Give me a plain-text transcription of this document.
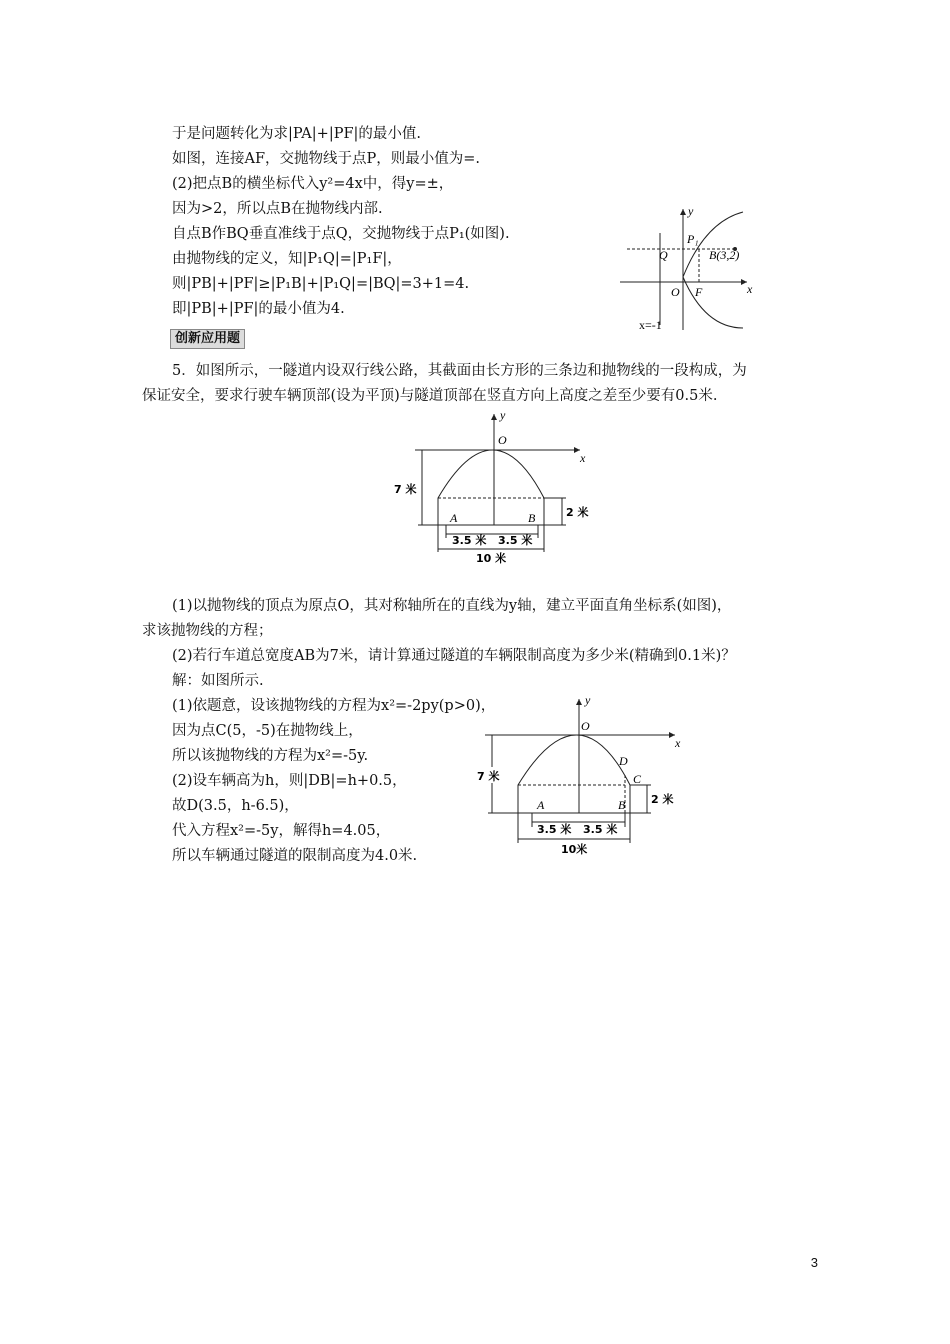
于是问题转化为求|PA|+|PF|的最小值.
如图，连接AF，交抛物线于点P，则最小值为=.
(2)把点B的横坐标代入y²=4x中，得y=±，
因为>2，所以点B在抛物线内部.
自点B作BQ垂直准线于点Q，交抛物线于点P₁(如图).
由抛物线的定义，知|P₁Q|=|P₁F|，
则|PB|+|PF|≥|P₁B|+|P₁Q|=|BQ|=3+1=4.
即|PB|+|PF|的最小值为4.
y
x
P₁
Q	B(3,2)
O F
x=-1
创新应用题
5．如图所示，一隧道内设双行线公路，其截面由长方形的三条边和抛物线的一段构成，为
保证安全，要求行驶车辆顶部(设为平顶)与隧道顶部在竖直方向上高度之差至少要有0.5米.
7 米
2 米
A	B
O
y
x
3.5 米 3.5 米
10 米
(1)以抛物线的顶点为原点O，其对称轴所在的直线为y轴，建立平面直角坐标系(如图)，
求该抛物线的方程；
(2)若行车道总宽度AB为7米，请计算通过隧道的车辆限制高度为多少米(精确到0.1米)？
解：如图所示.
(1)依题意，设该抛物线的方程为x²=-2py(p>0)，
因为点C(5，-5)在抛物线上，
所以该抛物线的方程为x²=-5y.
(2)设车辆高为h，则|DB|=h+0.5，
故D(3.5，h-6.5)，
代入方程x²=-5y，解得h=4.05，
所以车辆通过隧道的限制高度为4.0米.
7 米
2 米
D
C
A	B
O
y
x
3.5 米 3.5 米
10米
3
